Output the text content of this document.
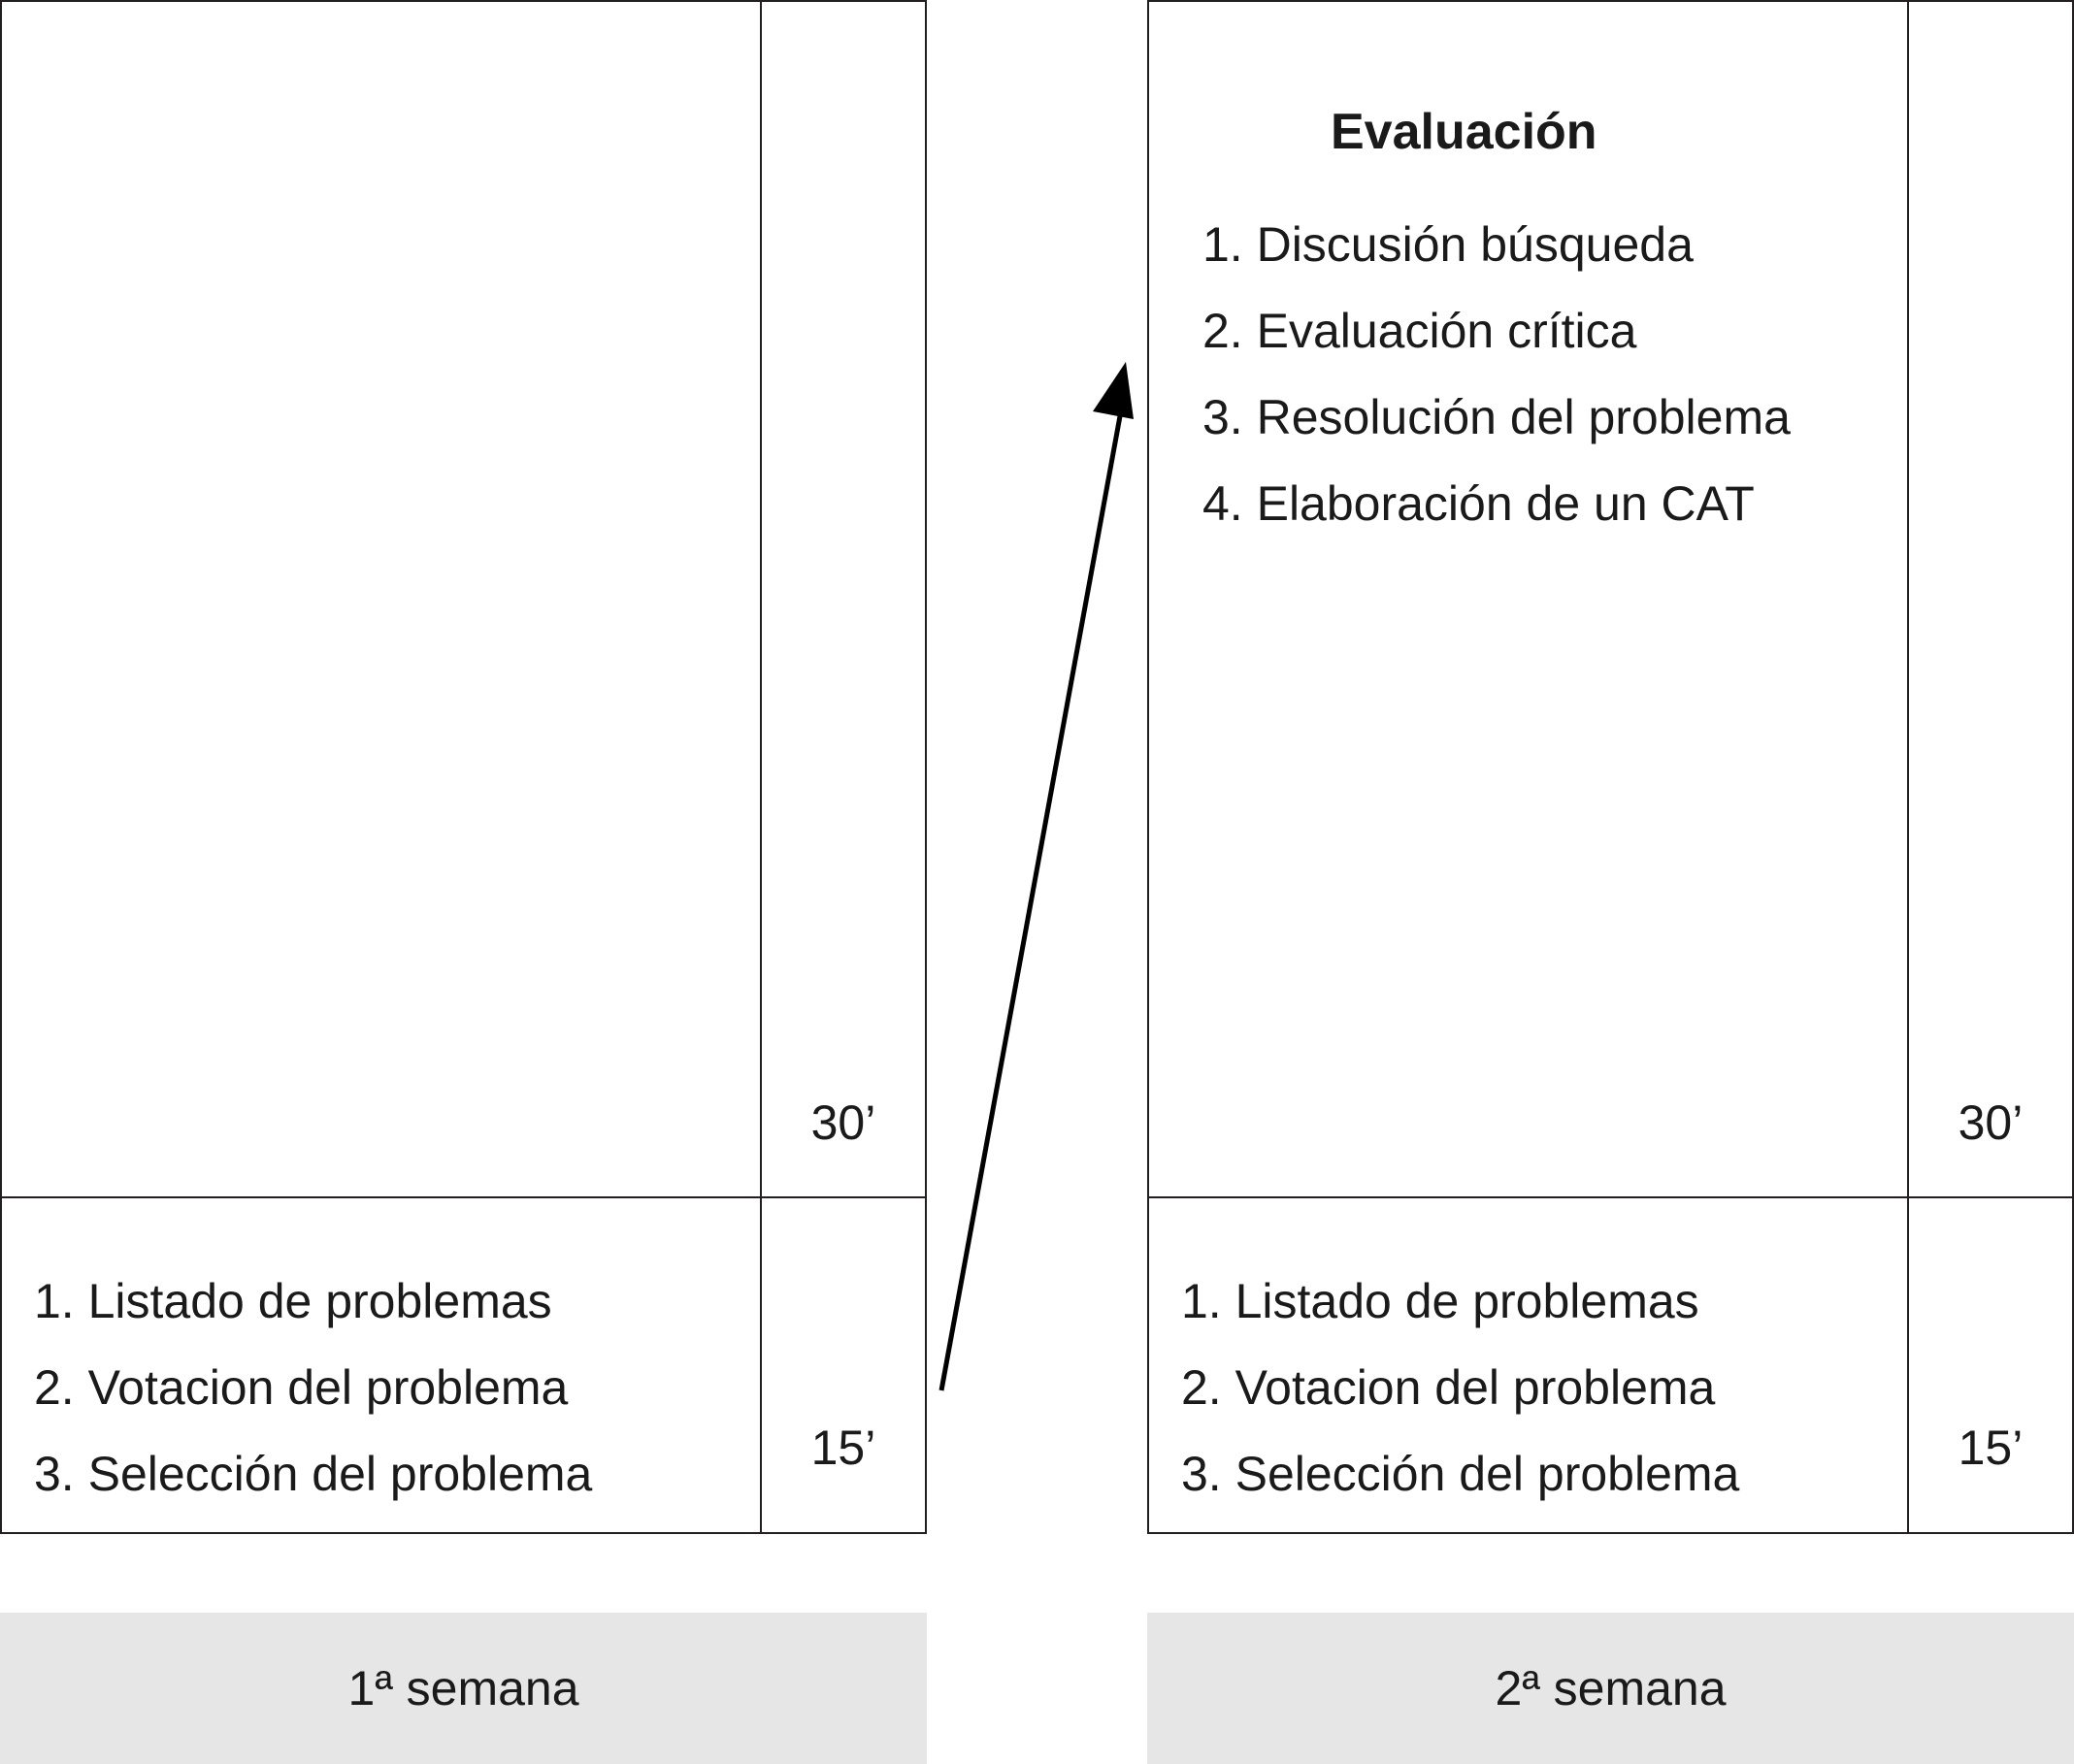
30’
1. Listado de problemas
2. Votacion del problema
3. Selección del problema	15’
1ª semana
Evaluación
1. Discusión búsqueda
2. Evaluación crítica
3. Resolución del problema
4. Elaboración de un CAT
30’
1. Listado de problemas
2. Votacion del problema
3. Selección del problema	15’
2ª semana
